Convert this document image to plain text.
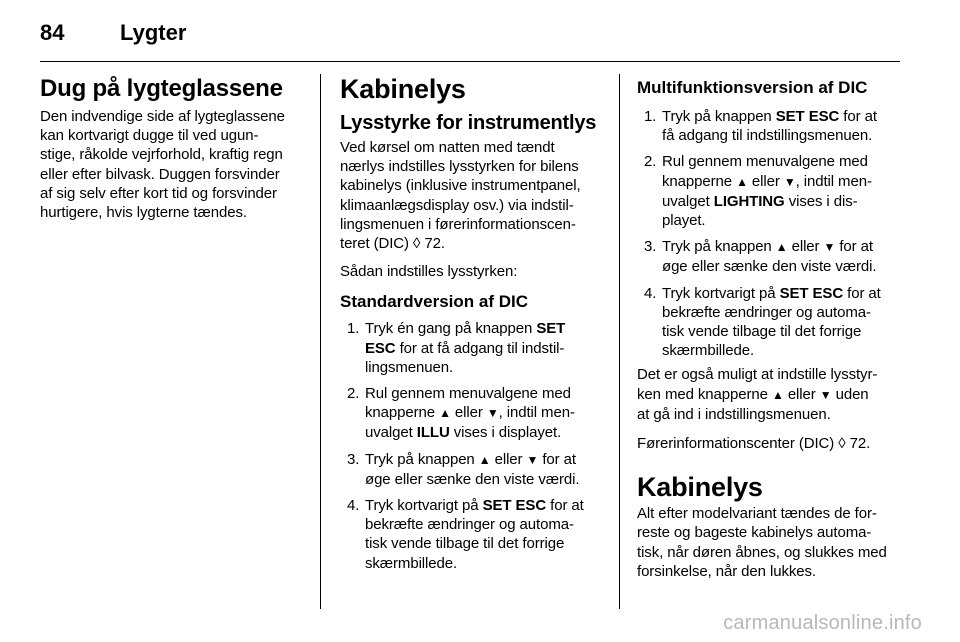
84	Lygter
Dug på lygteglassene

Den indvendige side af lygteglassene
kan kortvarigt dugge til ved ugun-
stige, råkolde vejrforhold, kraftig regn
eller efter bilvask. Duggen forsvinder
af sig selv efter kort tid og forsvinder
hurtigere, hvis lygterne tændes.

Kabinelys
Lysstyrke for instrumentlys

Ved kørsel om natten med tændt
nærlys indstilles lysstyrken for bilens
kabinelys (inklusive instrumentpanel,
klimaanlægsdisplay osv.) via indstil-
lingsmenuen i førerinformationscen-
teret (DIC) ◊ 72.

Sådan indstilles lysstyrken:

Standardversion af DIC
1. Tryk én gang på knappen SET
ESC for at få adgang til indstil-
lingsmenuen.
2. Rul gennem menuvalgene med
knapperne ▲ eller ▼, indtil men-
uvalget ILLU vises i displayet.
3. Tryk på knappen ▲ eller ▼ for at
øge eller sænke den viste værdi.
4. Tryk kortvarigt på SET ESC for at
bekræfte ændringer og automa-
tisk vende tilbage til det forrige
skærmbillede.
Multifunktionsversion af DIC
1. Tryk på knappen SET ESC for at
få adgang til indstillingsmenuen.
2. Rul gennem menuvalgene med
knapperne ▲ eller ▼, indtil men-
uvalget LIGHTING vises i dis-
playet.
3. Tryk på knappen ▲ eller ▼ for at
øge eller sænke den viste værdi.
4. Tryk kortvarigt på SET ESC for at
bekræfte ændringer og automa-
tisk vende tilbage til det forrige
skærmbillede.

Det er også muligt at indstille lysstyr-
ken med knapperne ▲ eller ▼ uden
at gå ind i indstillingsmenuen.

Førerinformationscenter (DIC) ◊ 72.

Kabinelys

Alt efter modelvariant tændes de for-
reste og bageste kabinelys automa-
tisk, når døren åbnes, og slukkes med
forsinkelse, når den lukkes.

carmanualsonline.info
